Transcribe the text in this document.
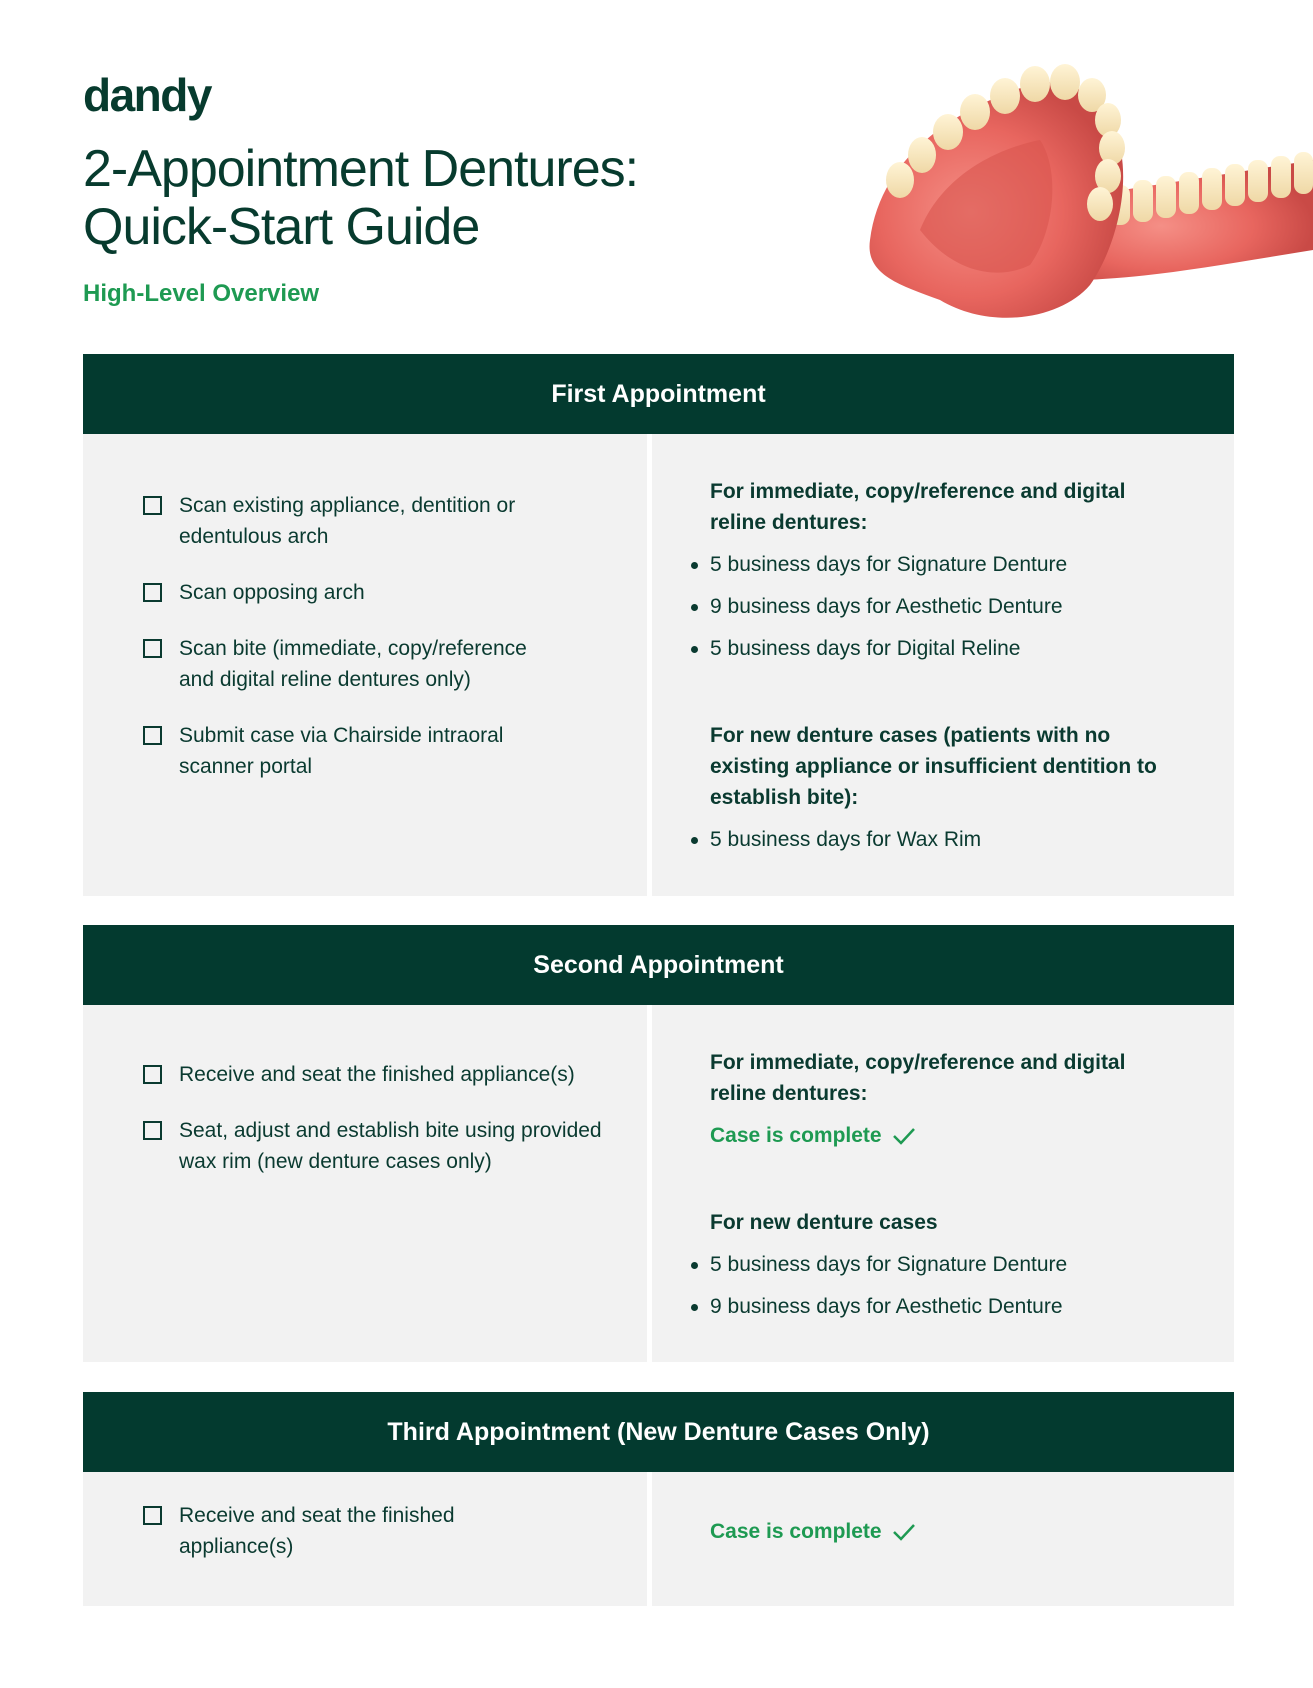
dandy
2-Appointment Dentures:
Quick-Start Guide
High-Level Overview
First Appointment
Scan existing appliance, dentition or edentulous arch
Scan opposing arch
Scan bite (immediate, copy/reference and digital reline dentures only)
Submit case via Chairside intraoral scanner portal
For immediate, copy/reference and digital reline dentures:
5 business days for Signature Denture
9 business days for Aesthetic Denture
5 business days for Digital Reline
For new denture cases (patients with no existing appliance or insufficient dentition to establish bite):
5 business days for Wax Rim
Second Appointment
Receive and seat the finished appliance(s)
Seat, adjust and establish bite using provided wax rim (new denture cases only)
For immediate, copy/reference and digital reline dentures:
Case is complete
For new denture cases
5 business days for Signature Denture
9 business days for Aesthetic Denture
Third Appointment (New Denture Cases Only)
Receive and seat the finished appliance(s)
Case is complete
